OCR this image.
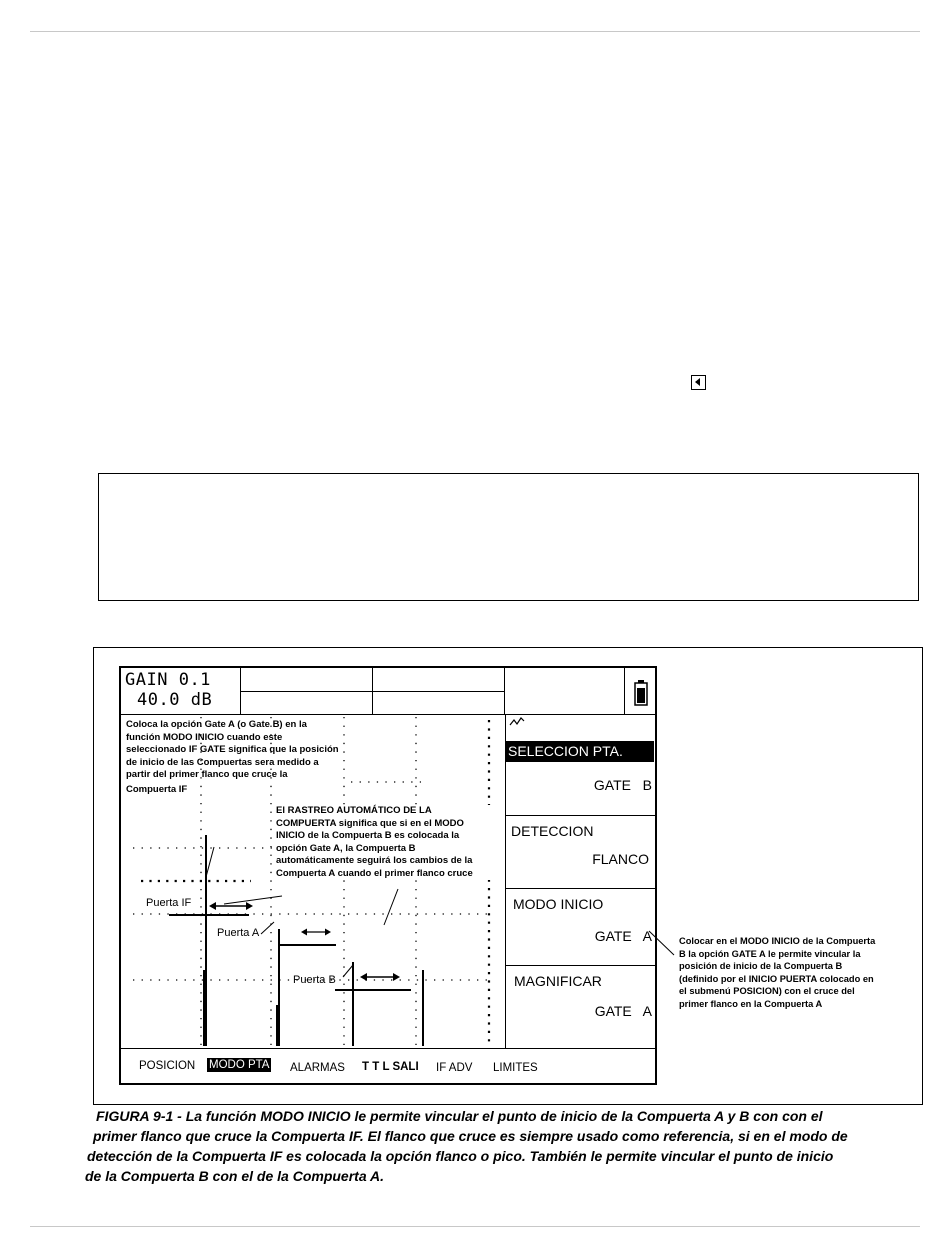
GAIN 0.1
40.0 dB
SELECCION PTA.
GATE   B
DETECCION
FLANCO
MODO INICIO
GATE   A
MAGNIFICAR
GATE   A
Puerta IF
Puerta A
Puerta B
Coloca la opción Gate A (o Gate B) en la
función MODO INICIO cuando este
seleccionado IF GATE significa que la posición
de inicio de las Compuertas sera medido a
partir del primer flanco que cruce la
Compuerta IF
El RASTREO AUTOMÁTICO DE LA
COMPUERTA significa que si en el MODO
INICIO de la Compuerta B es colocada la
opción Gate A, la Compuerta B
automáticamente seguirá los cambios de la
Compuerta A cuando el primer flanco cruce
POSICION MODO PTA ALARMAS T T L SALI IF ADV LIMITES
Colocar en el MODO INICIO de la Compuerta
B la opción GATE A le permite vincular la
posición de inicio de la Compuerta B
(definido por el INICIO PUERTA colocado en
el submenú POSICION) con el cruce del
primer flanco en la Compuerta A
FIGURA 9-1 - La función MODO INICIO le permite vincular el punto de inicio de la Compuerta A y B con con el
primer flanco que cruce la Compuerta IF. El flanco que cruce es siempre usado como referencia, si en el modo de
detección de la Compuerta IF es colocada la opción flanco o pico. También le permite vincular el punto de inicio
de la Compuerta B con el de la Compuerta A.
